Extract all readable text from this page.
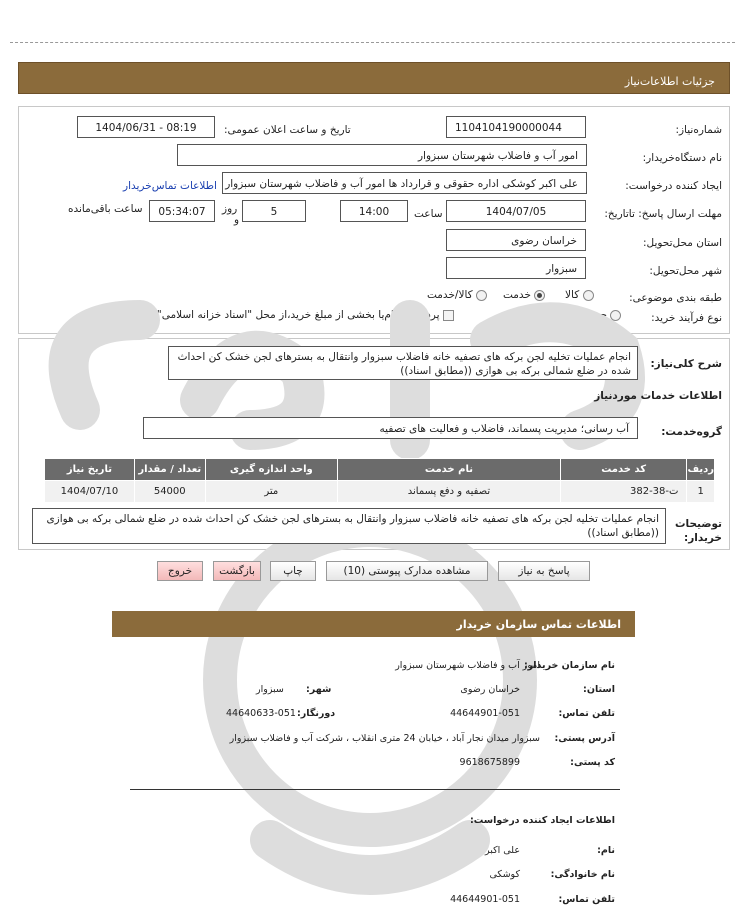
جزئیات اطلاعات‌نیاز
شماره‌نیاز:
1104104190000044
تاریخ و ساعت اعلان عمومی:
1404/06/31 - 08:19
نام دستگاه‌خریدار:
امور آب و فاضلاب شهرستان سبزوار
ایجاد کننده درخواست:
علی اکبر کوشکی اداره حقوقی و قرارداد ها امور آب و فاضلاب شهرستان سبزوار
اطلاعات تماس‌خریدار
مهلت ارسال پاسخ: تاتاریخ:
1404/07/05
ساعت
14:00
5
روز
و
05:34:07
ساعت باقی‌مانده
استان محل‌تحویل:
خراسان رضوی
شهر محل‌تحویل:
سبزوار
طبقه بندی موضوعی:
کالا
خدمت
کالا/خدمت
نوع فرآیند خرید:
جزیی
متوسط
پرداخت تمام‌یا بخشی از مبلغ خرید،از محل "اسناد خزانه اسلامی" خواهد بود.
شرح کلی‌نیاز:
انجام عملیات تخلیه لجن برکه های تصفیه خانه فاضلاب سبزوار وانتقال به بسترهای لجن خشک کن احداث شده در ضلع شمالی برکه بی هوازی ((مطابق اسناد))
اطلاعات خدمات موردنیاز
گروه‌خدمت:
آب رسانی؛ مدیریت پسماند، فاضلاب و فعالیت های تصفیه
ردیف	کد خدمت	نام خدمت	واحد اندازه گیری	تعداد / مقدار	تاریخ نیاز
1	ت-38-382	تصفیه و دفع پسماند	متر	54000	1404/07/10
توضیحات خریدار:
انجام عملیات تخلیه لجن برکه های تصفیه خانه فاضلاب سبزوار وانتقال به بسترهای لجن خشک کن احداث شده در ضلع شمالی برکه بی هوازی ((مطابق اسناد))
پاسخ به نیاز
مشاهده مدارک پیوستی (10)
چاپ
بازگشت
خروج
اطلاعات تماس سازمان خریدار
نام سازمان خریدار:
امور آب و فاضلاب شهرستان سبزوار
استان:
خراسان رضوی
شهر:
سبزوار
تلفن تماس:
44644901-051
دورنگار:
44640633-051
آدرس پستی:
سبزوار میدان نجار آباد ، خیابان 24 متری انقلاب ، شرکت آب و فاضلاب سبزوار
کد پستی:
9618675899
اطلاعات ایجاد کننده درخواست:
نام:
علی اکبر
نام خانوادگی:
کوشکی
تلفن تماس:
44644901-051
